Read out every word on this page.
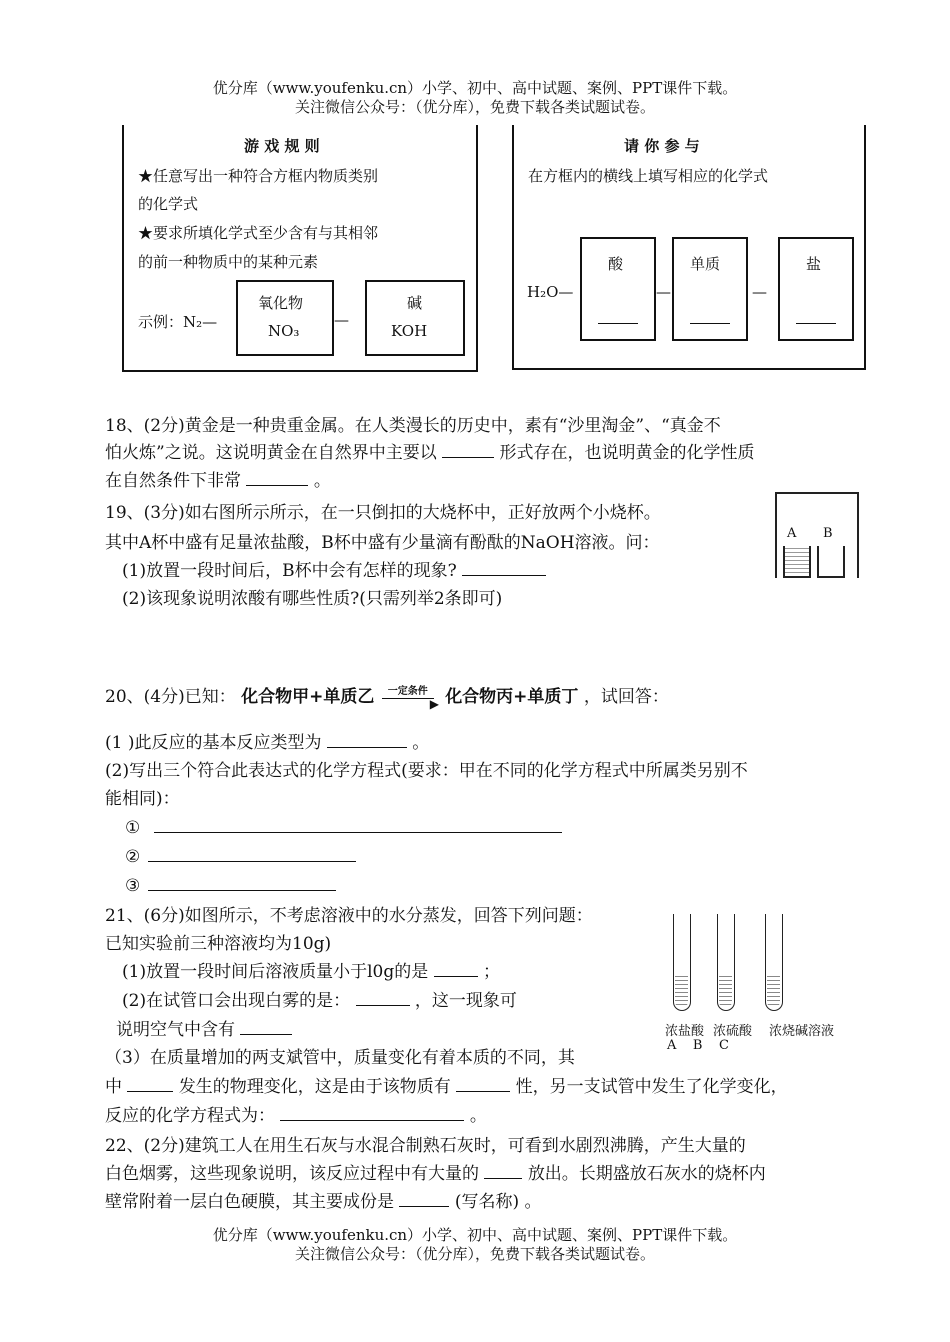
优分库（www.youfenku.cn）小学、初中、高中试题、案例、PPT课件下载。
关注微信公众号：（优分库），免费下载各类试题试卷。
游 戏 规 则
★任意写出一种符合方框内物质类别
的化学式
★要求所填化学式至少含有与其相邻
的前一种物质中的某种元素
示例：N₂—
氧化物
NO₃
—
碱
KOH
请 你 参 与
在方框内的横线上填写相应的化学式
H₂O—
酸
—
单质
—
盐
18、(2分)黄金是一种贵重金属。在人类漫长的历史中，素有“沙里淘金”、“真金不
怕火炼”之说。这说明黄金在自然界中主要以	形式存在，也说明黄金的化学性质
在自然条件下非常	。
19、(3分)如右图所示所示，在一只倒扣的大烧杯中，正好放两个小烧杯。
其中A杯中盛有足量浓盐酸，B杯中盛有少量滴有酚酞的NaOH溶液。问：
(1)放置一段时间后，B杯中会有怎样的现象?
(2)该现象说明浓酸有哪些性质?(只需列举2条即可)
A B
20、(4分)已知： 化合物甲+单质乙 一定条件
▶ 化合物丙+单质丁 ，试回答：
(1 )此反应的基本反应类型为	。
(2)写出三个符合此表达式的化学方程式(要求：甲在不同的化学方程式中所属类另别不
能相同)：
①
②
③
21、(6分)如图所示，不考虑溶液中的水分蒸发，回答下列问题：
已知实验前三种溶液均为10g)
(1)放置一段时间后溶液质量小于l0g的是	；
(2)在试管口会出现白雾的是：	，这一现象可
说明空气中含有
（3）在质量增加的两支斌管中，质量变化有着本质的不同，其
中	发生的物理变化，这是由于该物质有	性，另一支试管中发生了化学变化，
反应的化学方程式为：	。
浓盐酸 浓硫酸 浓烧碱溶液
A    B    C
22、(2分)建筑工人在用生石灰与水混合制熟石灰时，可看到水剧烈沸腾，产生大量的
白色烟雾，这些现象说明，该反应过程中有大量的	放出。长期盛放石灰水的烧杯内
壁常附着一层白色硬膜，其主要成份是	(写名称) 。
优分库（www.youfenku.cn）小学、初中、高中试题、案例、PPT课件下载。
关注微信公众号：（优分库），免费下载各类试题试卷。
